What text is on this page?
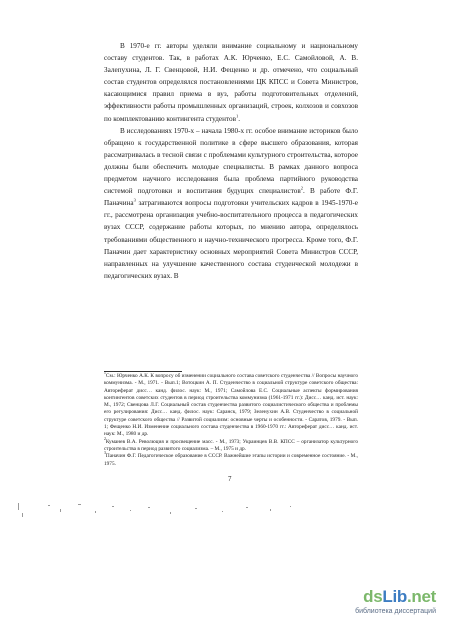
В 1970-е гг. авторы уделяли внимание социальному и национальному составу студентов. Так, в работах А.К. Юрченко, Е.С. Самойловой, А. В. Залепухина, Л. Г. Свенцовой, Н.И. Фещенко и др. отмечено, что социальный состав студентов определялся постановлениями ЦК КПСС и Совета Министров, касающимися правил приема в вуз, работы подготовительных отделений, эффективности работы промышленных организаций, строек, колхозов и совхозов по комплектованию контингента студентов$^1$.

В исследованиях 1970-х – начала 1980-х гг. особое внимание историков было обращено к государственной политике в сфере высшего образования, которая рассматривалась в тесной связи с проблемами культурного строительства, которое должны были обеспечить молодые специалисты. В рамках данного вопроса предметом научного исследования была проблема партийного руководства системой подготовки и воспитания будущих специалистов$^2$. В работе Ф.Г. Паначина$^3$ затрагиваются вопросы подготовки учительских кадров в 1945-1970-е гг., рассмотрена организация учебно-воспитательного процесса в педагогических вузах СССР, содержание работы которых, по мнению автора, определялось требованиями общественного и научно-технического прогресса. Кроме того, Ф.Г. Паначин дает характеристику основных мероприятий Совета Министров СССР, направленных на улучшение качественного состава студенческой молодежи в педагогических вузах. В

$^1$См.: Юрченко А.К. К вопросу об изменении социального состава советского студенчества // Вопросы научного коммунизма. - М., 1971. - Вып.1; Вотоцкин А. П. Студенчество в социальной структуре советского общества: Автореферат дисс… канд. филос. наук: М., 1971; Самойлова Е.С. Социальные аспекты формирования контингентов советских студентов в период строительства коммунизма (1961-1971 гг.): Дисс… канд. ист. наук: М., 1972; Свенцова Л.Г. Социальный состав студенчества развитого социалистического общества и проблемы его регулирования: Дисс… канд. филос. наук: Саранск, 1979; Зеленухин А.В. Студенчество в социальной структуре советского общества // Развитой социализм: основные черты и особенности. - Саратов, 1979. - Вып. 1; Фещенко Н.И. Изменение социального состава студенчества в 1960-1970 гг.: Автореферат дисс… канд. ист. наук: М., 1980 и др.

$^2$Куманев В.А. Революция и просвещение масс. - М., 1973; Украинцев В.В. КПСС – организатор культурного строительства в период развитого социализма. – М., 1975 и др.

$^3$Паначин Ф.Г. Педагогическое образование в СССР. Важнейшие этапы истории и современное состояние. - М., 1975.

7
dsLib.net
библиотека диссертаций
